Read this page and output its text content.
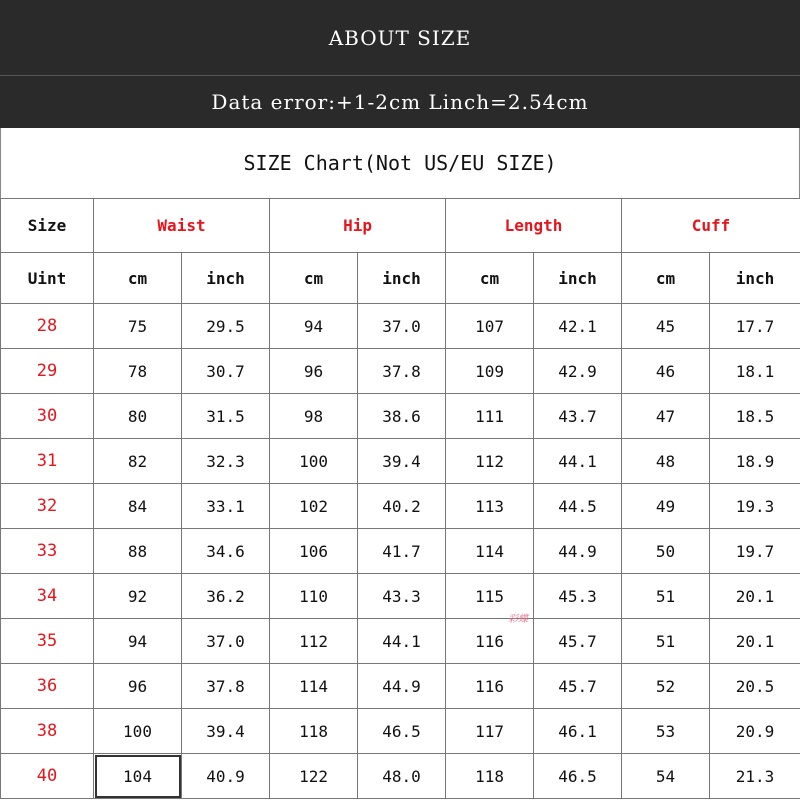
ABOUT SIZE
Data error:+1-2cm Linch=2.54cm
SIZE Chart(Not US/EU SIZE)
Size	Waist		Hip		Length		Cuff	
Uint	cm	inch	cm	inch	cm	inch	cm	inch
28	75	29.5	94	37.0	107	42.1	45	17.7
29	78	30.7	96	37.8	109	42.9	46	18.1
30	80	31.5	98	38.6	111	43.7	47	18.5
31	82	32.3	100	39.4	112	44.1	48	18.9
32	84	33.1	102	40.2	113	44.5	49	19.3
33	88	34.6	106	41.7	114	44.9	50	19.7
34	92	36.2	110	43.3	115	45.3	51	20.1
35	94	37.0	112	44.1	116	45.7	51	20.1
36	96	37.8	114	44.9	116	45.7	52	20.5
38	100	39.4	118	46.5	117	46.1	53	20.9
40	104	40.9	122	48.0	118	46.5	54	21.3
彩蝶
